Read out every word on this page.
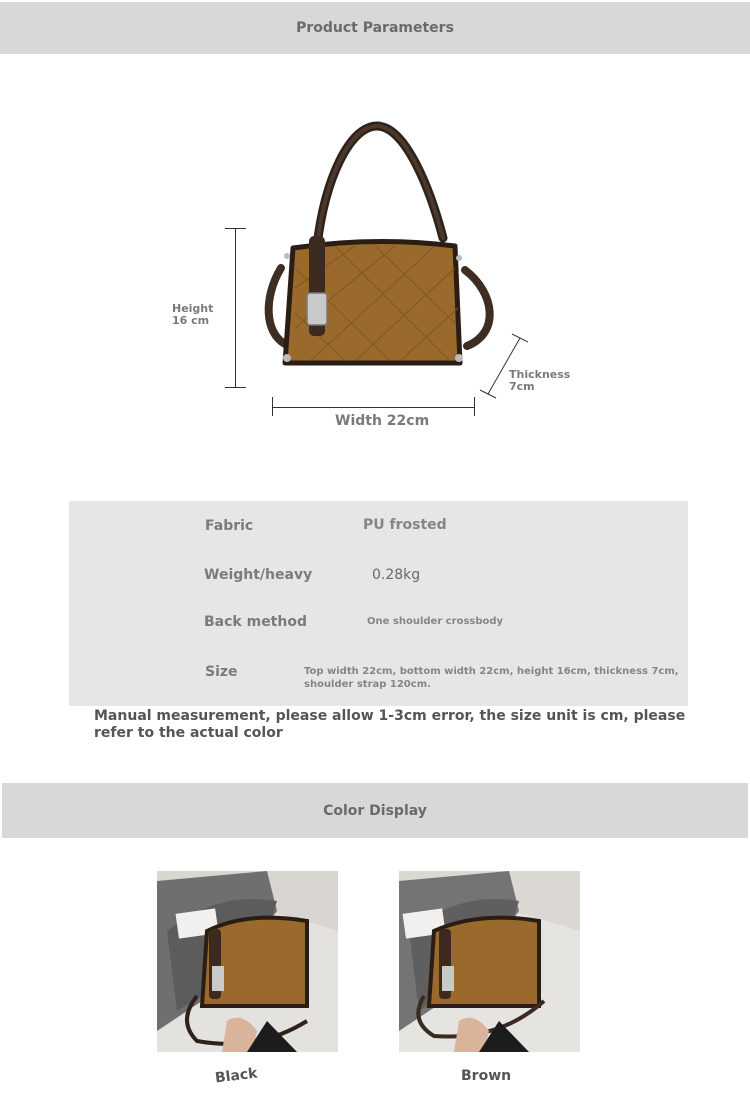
Product Parameters
Height 16 cm
Width 22cm
Thickness 7cm
Fabric	PU frosted
Weight/heavy	0.28kg
Back method	One shoulder crossbody
Size	Top width 22cm, bottom width 22cm, height 16cm, thickness 7cm, shoulder strap 120cm.
Manual measurement, please allow 1-3cm error, the size unit is cm, please refer to the actual color
Color Display
Black	Brown
